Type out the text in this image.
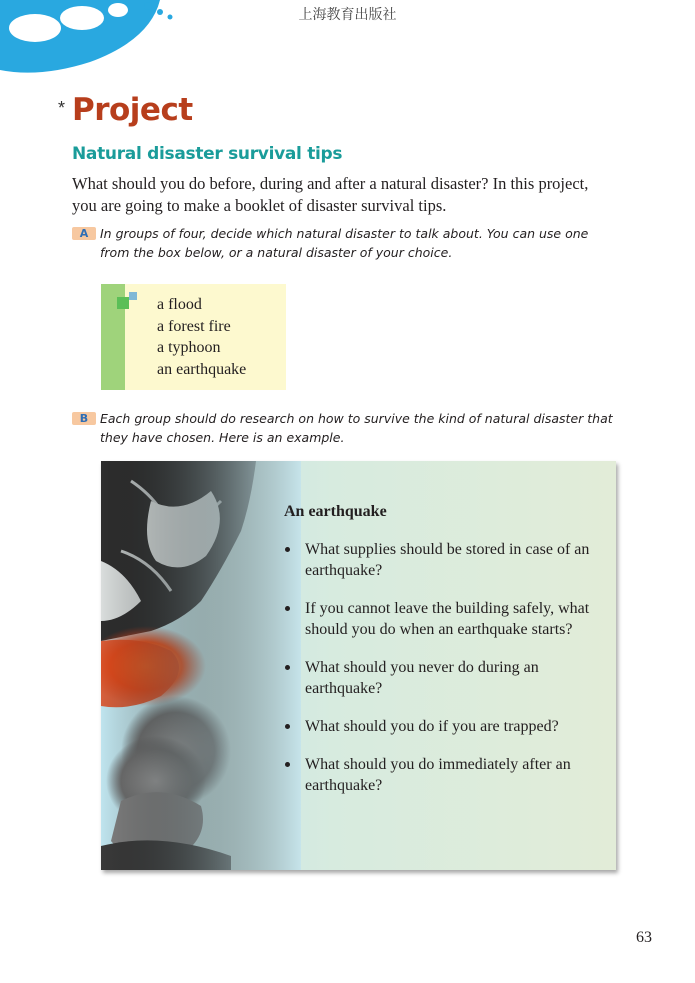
上海教育出版社
* Project
Natural disaster survival tips
What should you do before, during and after a natural disaster? In this project, you are going to make a booklet of disaster survival tips.
A In groups of four, decide which natural disaster to talk about. You can use one from the box below, or a natural disaster of your choice.
a flood
a forest fire
a typhoon
an earthquake
B Each group should do research on how to survive the kind of natural disaster that they have chosen. Here is an example.
An earthquake
What supplies should be stored in case of an earthquake?
If you cannot leave the building safely, what should you do when an earthquake starts?
What should you never do during an earthquake?
What should you do if you are trapped?
What should you do immediately after an earthquake?
63
